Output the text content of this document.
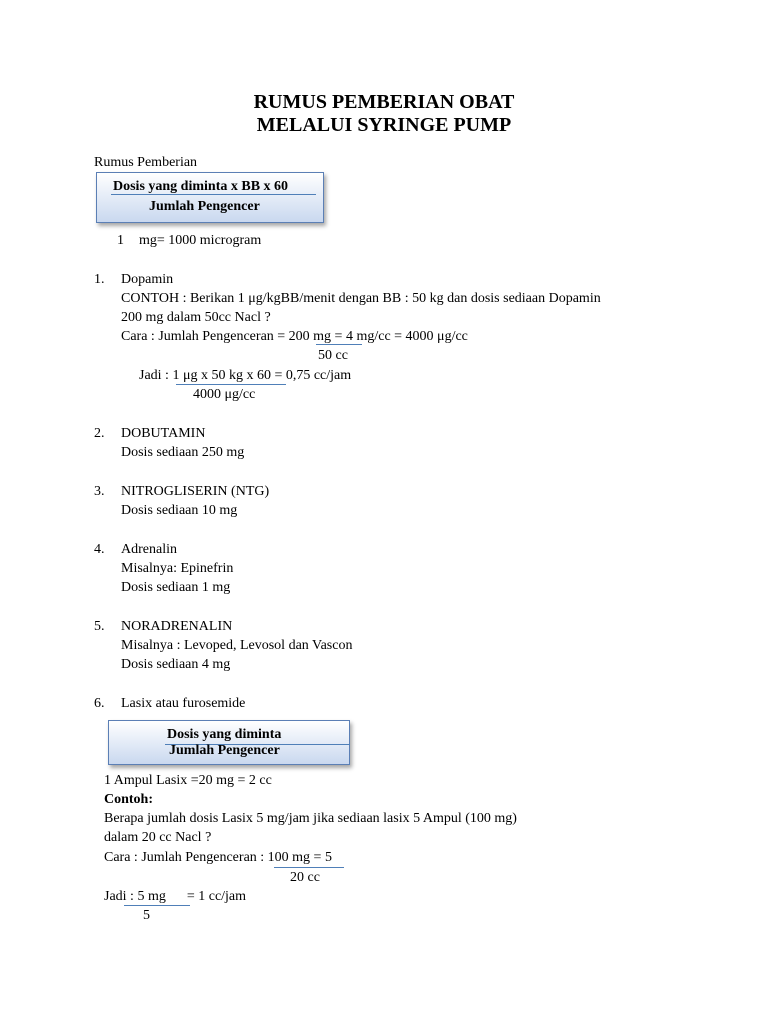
RUMUS PEMBERIAN OBAT
MELALUI SYRINGE PUMP
Rumus Pemberian
Dosis yang diminta x BB x 60
Jumlah Pengencer
1 mg= 1000 microgram
1. Dopamin
CONTOH : Berikan 1 μg/kgBB/menit dengan BB : 50 kg dan dosis sediaan Dopamin
200 mg dalam 50cc Nacl ?
Cara : Jumlah Pengenceran = 200 mg = 4 mg/cc = 4000 μg/cc
50 cc
Jadi : 1 μg x 50 kg x 60 = 0,75 cc/jam
4000 μg/cc
2. DOBUTAMIN
Dosis sediaan 250 mg
3. NITROGLISERIN (NTG)
Dosis sediaan 10 mg
4. Adrenalin
Misalnya: Epinefrin
Dosis sediaan 1 mg
5. NORADRENALIN
Misalnya : Levoped, Levosol dan Vascon
Dosis sediaan 4 mg
6. Lasix atau furosemide
Dosis yang diminta
Jumlah Pengencer
1 Ampul Lasix =20 mg = 2 cc
Contoh:
Berapa jumlah dosis Lasix 5 mg/jam jika sediaan lasix 5 Ampul (100 mg)
dalam 20 cc Nacl ?
Cara : Jumlah Pengenceran : 100 mg = 5
20 cc
Jadi : 5 mg      = 1 cc/jam
5
